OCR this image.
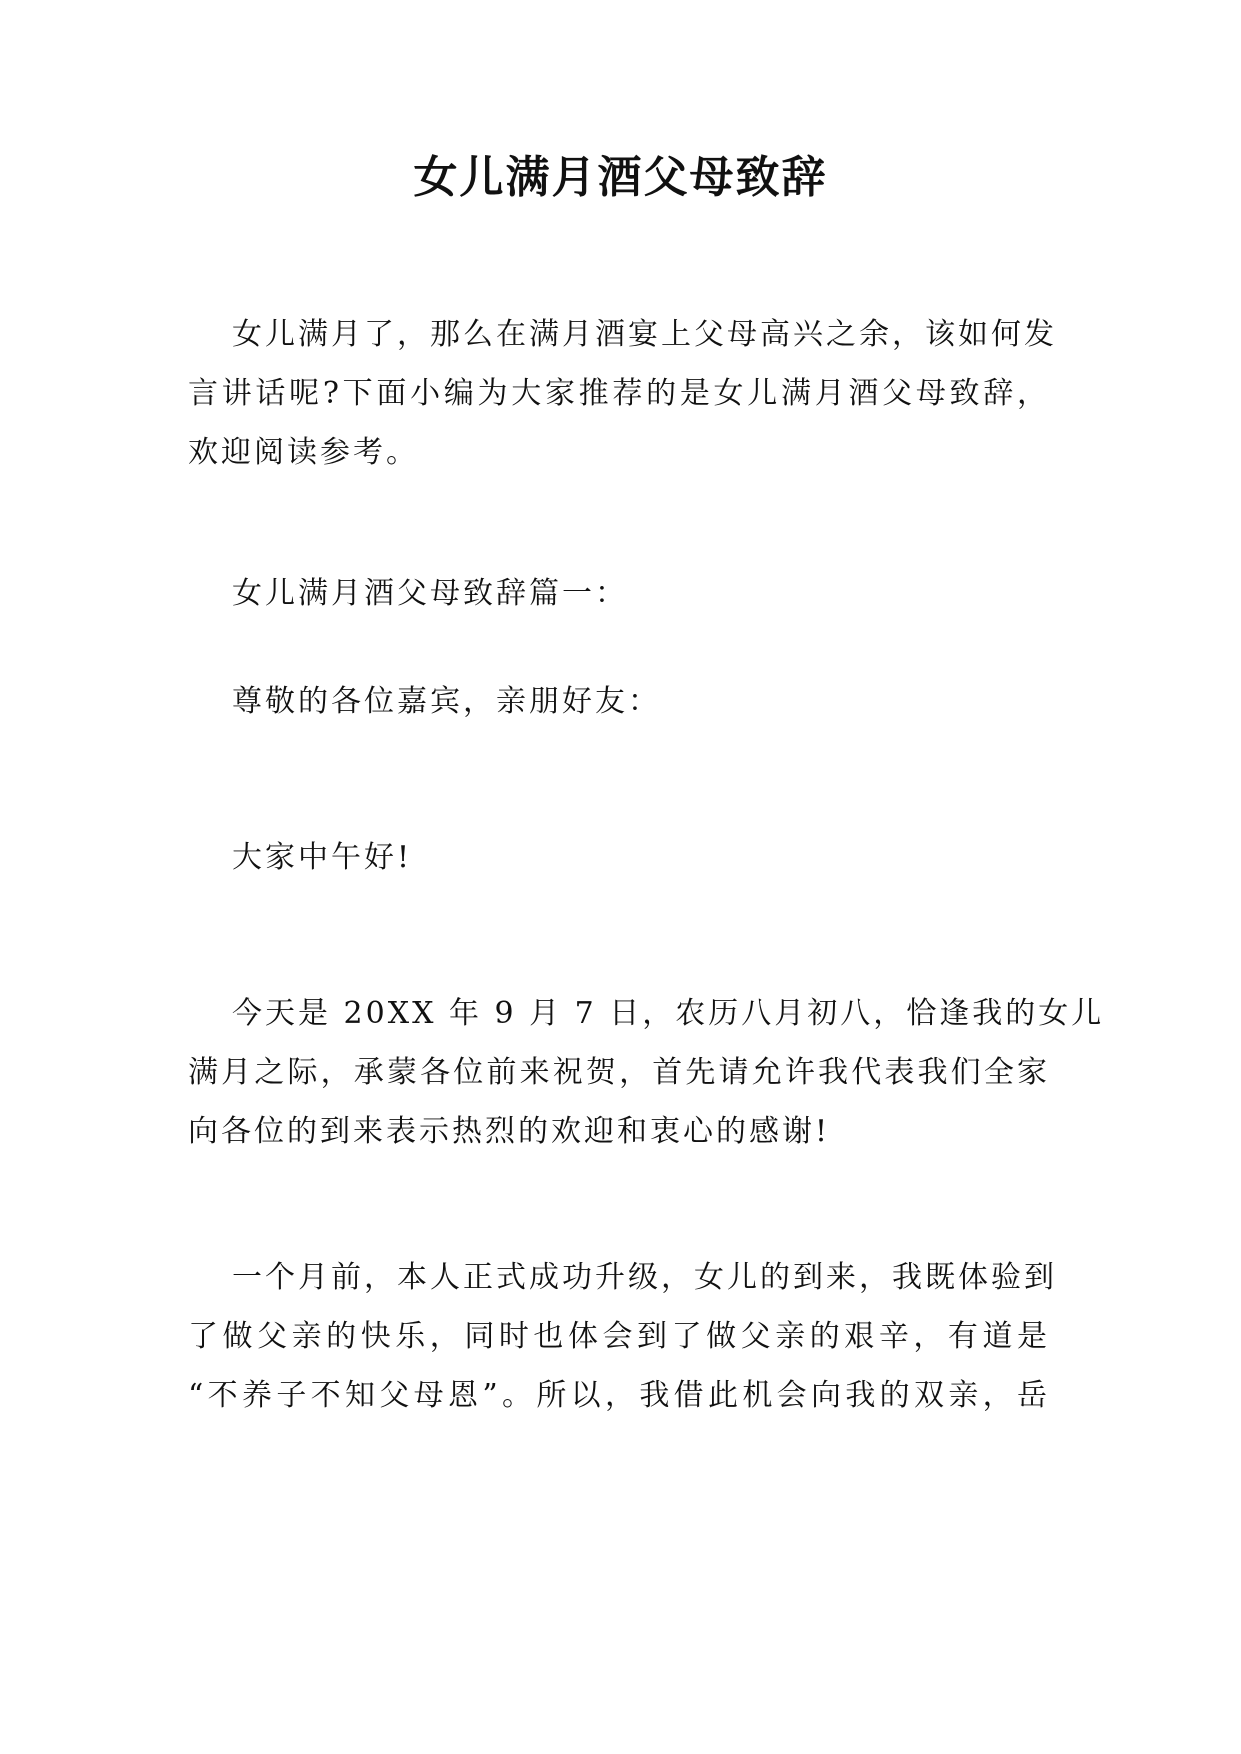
女儿满月酒父母致辞
女儿满月了，那么在满月酒宴上父母高兴之余，该如何发
言讲话呢?下面小编为大家推荐的是女儿满月酒父母致辞，
欢迎阅读参考。
女儿满月酒父母致辞篇一：
尊敬的各位嘉宾，亲朋好友：
大家中午好!
今天是 20XX 年 9 月 7 日，农历八月初八，恰逢我的女儿
满月之际，承蒙各位前来祝贺，首先请允许我代表我们全家
向各位的到来表示热烈的欢迎和衷心的感谢!
一个月前，本人正式成功升级，女儿的到来，我既体验到
了做父亲的快乐，同时也体会到了做父亲的艰辛，有道是
“不养子不知父母恩”。所以，我借此机会向我的双亲，岳
